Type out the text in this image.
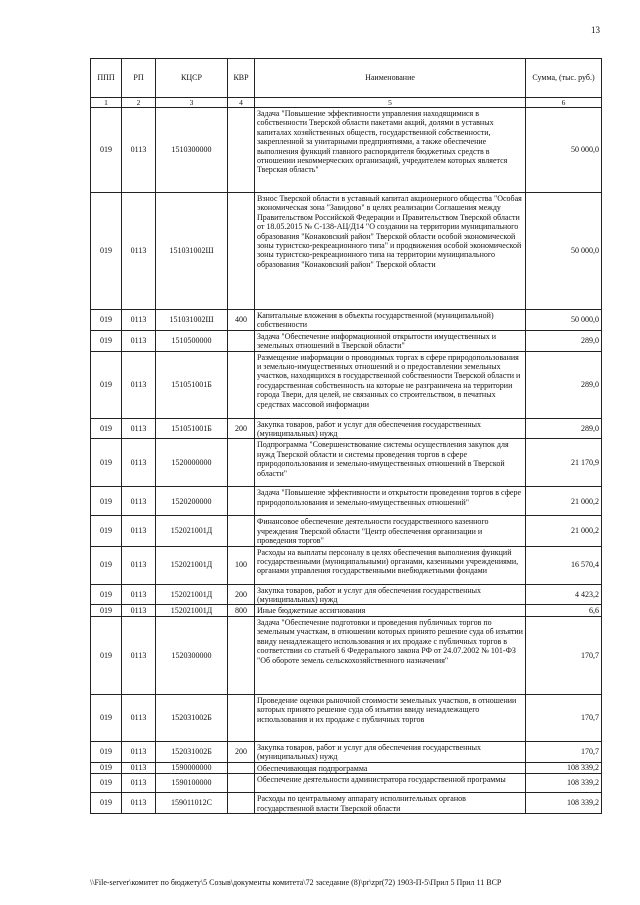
13
ППП	РП	КЦСР	КВР	Наименование	Сумма, (тыс. руб.)
1	2	3	4	5	6
019	0113	1510300000		Задача "Повышение эффективности управления находящимися в собственности Тверской области пакетами акций, долями в уставных капиталах хозяйственных обществ, государственной собственности, закрепленной за унитарными предприятиями, а также обеспечение выполнения функций главного распорядителя бюджетных средств в отношении некоммерческих организаций, учредителем которых является Тверская область"	50 000,0
019	0113	151031002Ш		Взнос Тверской области в уставный капитал акционерного общества "Особая экономическая зона "Завидово" в целях реализации Соглашения между Правительством Российской Федерации и Правительством Тверской области от 18.05.2015 № С-138-АЦ/Д14 "О создании на территории муниципального образования "Конаковский район" Тверской области особой экономической зоны туристско-рекреационного типа" и продвижения особой экономической зоны туристско-рекреационного типа на территории муниципального образования "Конаковский район" Тверской области	50 000,0
019	0113	151031002Ш	400	Капитальные вложения в объекты государственной (муниципальной) собственности	50 000,0
019	0113	1510500000		Задача "Обеспечение информационной открытости имущественных и земельных отношений в Тверской области"	289,0
019	0113	151051001Б		Размещение информации о проводимых торгах в сфере природопользования и земельно-имущественных отношений и о предоставлении земельных участков, находящихся в государственной собственности Тверской области и государственная собственность на которые не разграничена на территории города Твери, для целей, не связанных со строительством, в печатных средствах массовой информации	289,0
019	0113	151051001Б	200	Закупка товаров, работ и услуг для обеспечения государственных (муниципальных) нужд	289,0
019	0113	1520000000		Подпрограмма "Совершенствование системы осуществления закупок для нужд Тверской области и системы проведения торгов в сфере природопользования и земельно-имущественных отношений в Тверской области"	21 170,9
019	0113	1520200000		Задача "Повышение эффективности и открытости проведения торгов в сфере природопользования и земельно-имущественных отношений"	21 000,2
019	0113	152021001Д		Финансовое обеспечение деятельности государственного казенного учреждения Тверской области "Центр обеспечения организации и проведения торгов"	21 000,2
019	0113	152021001Д	100	Расходы на выплаты персоналу в целях обеспечения выполнения функций государственными (муниципальными) органами, казенными учреждениями, органами управления государственными внебюджетными фондами	16 570,4
019	0113	152021001Д	200	Закупка товаров, работ и услуг для обеспечения государственных (муниципальных) нужд	4 423,2
019	0113	152021001Д	800	Иные бюджетные ассигнования	6,6
019	0113	1520300000		Задача "Обеспечение подготовки и проведения публичных торгов по земельным участкам, в отношении которых принято решение суда об изъятии ввиду ненадлежащего использования и их продаже с публичных торгов в соответствии со статьей 6 Федерального закона РФ от 24.07.2002 № 101-ФЗ "Об обороте земель сельскохозяйственного назначения"	170,7
019	0113	152031002Б		Проведение оценки рыночной стоимости земельных участков, в отношении которых принято решение суда об изъятии ввиду ненадлежащего использования и их продаже с публичных торгов	170,7
019	0113	152031002Б	200	Закупка товаров, работ и услуг для обеспечения государственных (муниципальных) нужд	170,7
019	0113	1590000000		Обеспечивающая подпрограмма	108 339,2
019	0113	1590100000		Обеспечение деятельности администратора государственной программы	108 339,2
019	0113	159011012С		Расходы по центральному аппарату исполнительных органов государственной власти Тверской области	108 339,2
\\File-server\комитет по бюджету\5 Созыв\документы комитета\72 заседание (8)\pr\zpr(72) 1903-П-5\Прил 5 Прил 11 ВСР
